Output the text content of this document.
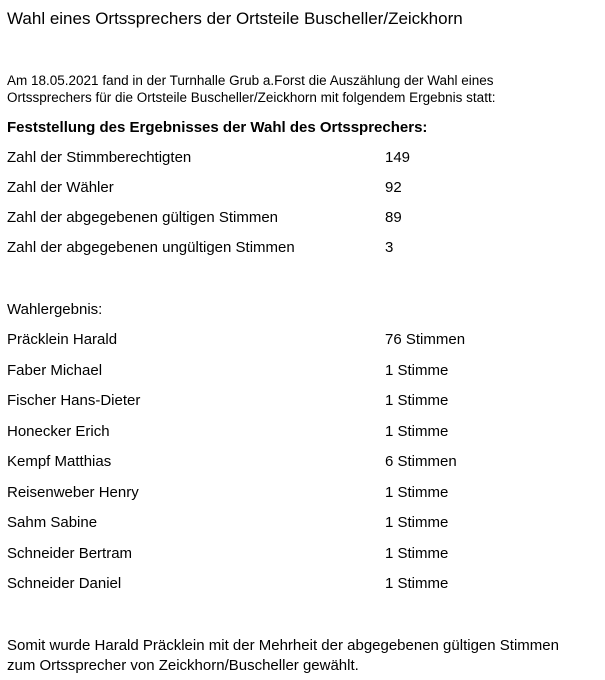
Wahl eines Ortssprechers der Ortsteile Buscheller/Zeickhorn
Am 18.05.2021 fand in der Turnhalle Grub a.Forst die Auszählung der Wahl eines
Ortssprechers für die Ortsteile Buscheller/Zeickhorn mit folgendem Ergebnis statt:
Feststellung des Ergebnisses der Wahl des Ortssprechers:
Zahl der Stimmberechtigten	149
Zahl der Wähler	92
Zahl der abgegebenen gültigen Stimmen	89
Zahl der abgegebenen ungültigen Stimmen	3
Wahlergebnis:
Präcklein Harald	76 Stimmen
Faber Michael	1 Stimme
Fischer Hans-Dieter	1 Stimme
Honecker Erich	1 Stimme
Kempf Matthias	6 Stimmen
Reisenweber Henry	1 Stimme
Sahm Sabine	1 Stimme
Schneider Bertram	1 Stimme
Schneider Daniel	1 Stimme
Somit wurde Harald Präcklein mit der Mehrheit der abgegebenen gültigen Stimmen
zum Ortssprecher von Zeickhorn/Buscheller gewählt.
